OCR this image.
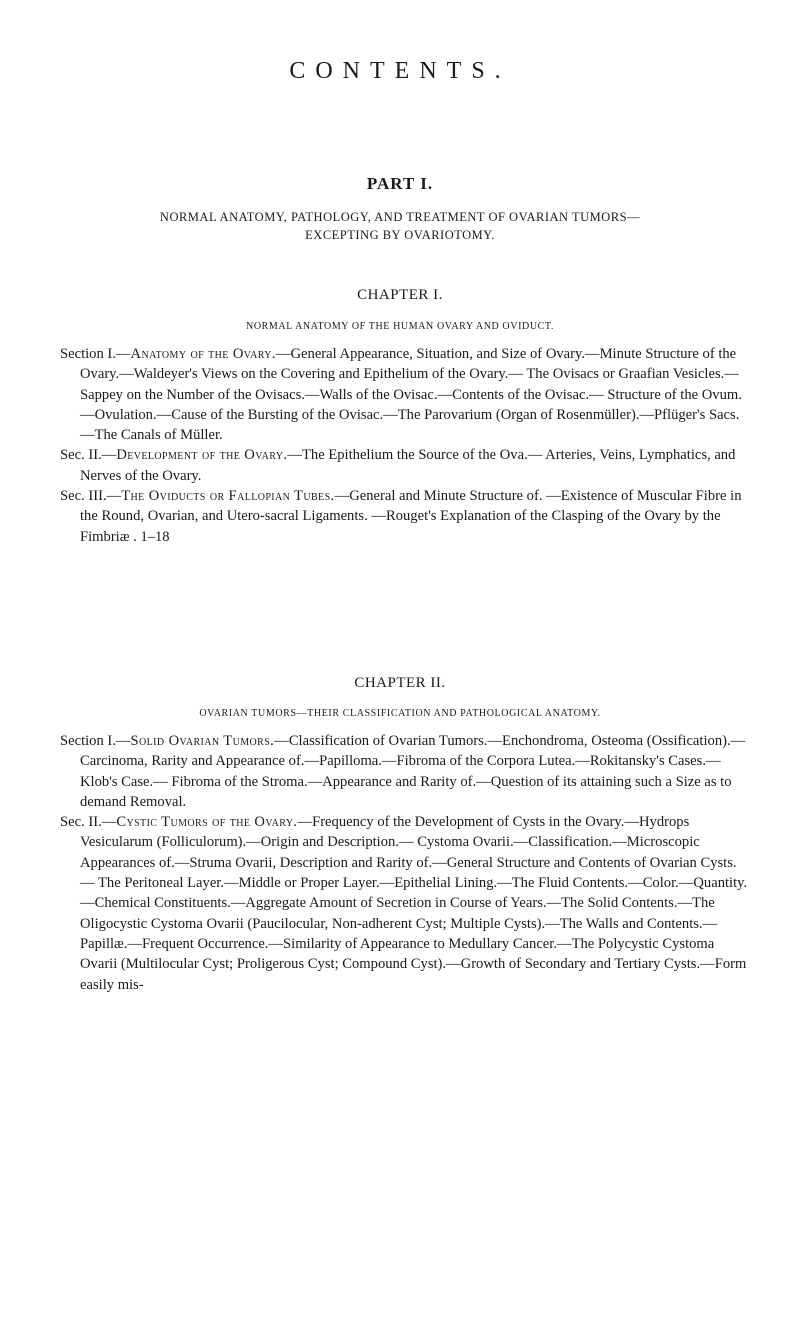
CONTENTS.
PART I.
NORMAL ANATOMY, PATHOLOGY, AND TREATMENT OF OVARIAN TUMORS—
EXCEPTING BY OVARIOTOMY.
CHAPTER I.
NORMAL ANATOMY OF THE HUMAN OVARY AND OVIDUCT.

Section I.—Anatomy of the Ovary.—General Appearance, Situation, and Size of Ovary.—Minute Structure of the Ovary.—Waldeyer's Views on the Covering and Epithelium of the Ovary.— The Ovisacs or Graafian Vesicles.—Sappey on the Number of the Ovisacs.—Walls of the Ovisac.—Contents of the Ovisac.— Structure of the Ovum.—Ovulation.—Cause of the Bursting of the Ovisac.—The Parovarium (Organ of Rosenmüller).—Pflüger's Sacs.—The Canals of Müller.

Sec. II.—Development of the Ovary.—The Epithelium the Source of the Ova.— Arteries, Veins, Lymphatics, and Nerves of the Ovary.

Sec. III.—The Oviducts or Fallopian Tubes.—General and Minute Structure of. —Existence of Muscular Fibre in the Round, Ovarian, and Utero-sacral Ligaments. —Rouget's Explanation of the Clasping of the Ovary by the Fimbriæ . 1–18

CHAPTER II.
OVARIAN TUMORS—THEIR CLASSIFICATION AND PATHOLOGICAL ANATOMY.

Section I.—Solid Ovarian Tumors.—Classification of Ovarian Tumors.—Enchondroma, Osteoma (Ossification).—Carcinoma, Rarity and Appearance of.—Papilloma.—Fibroma of the Corpora Lutea.—Rokitansky's Cases.—Klob's Case.— Fibroma of the Stroma.—Appearance and Rarity of.—Question of its attaining such a Size as to demand Removal.

Sec. II.—Cystic Tumors of the Ovary.—Frequency of the Development of Cysts in the Ovary.—Hydrops Vesicularum (Folliculorum).—Origin and Description.— Cystoma Ovarii.—Classification.—Microscopic Appearances of.—Struma Ovarii, Description and Rarity of.—General Structure and Contents of Ovarian Cysts.— The Peritoneal Layer.—Middle or Proper Layer.—Epithelial Lining.—The Fluid Contents.—Color.—Quantity.—Chemical Constituents.—Aggregate Amount of Secretion in Course of Years.—The Solid Contents.—The Oligocystic Cystoma Ovarii (Paucilocular, Non-adherent Cyst; Multiple Cysts).—The Walls and Contents.—Papillæ.—Frequent Occurrence.—Similarity of Appearance to Medullary Cancer.—The Polycystic Cystoma Ovarii (Multilocular Cyst; Proligerous Cyst; Compound Cyst).—Growth of Secondary and Tertiary Cysts.—Form easily mis-
